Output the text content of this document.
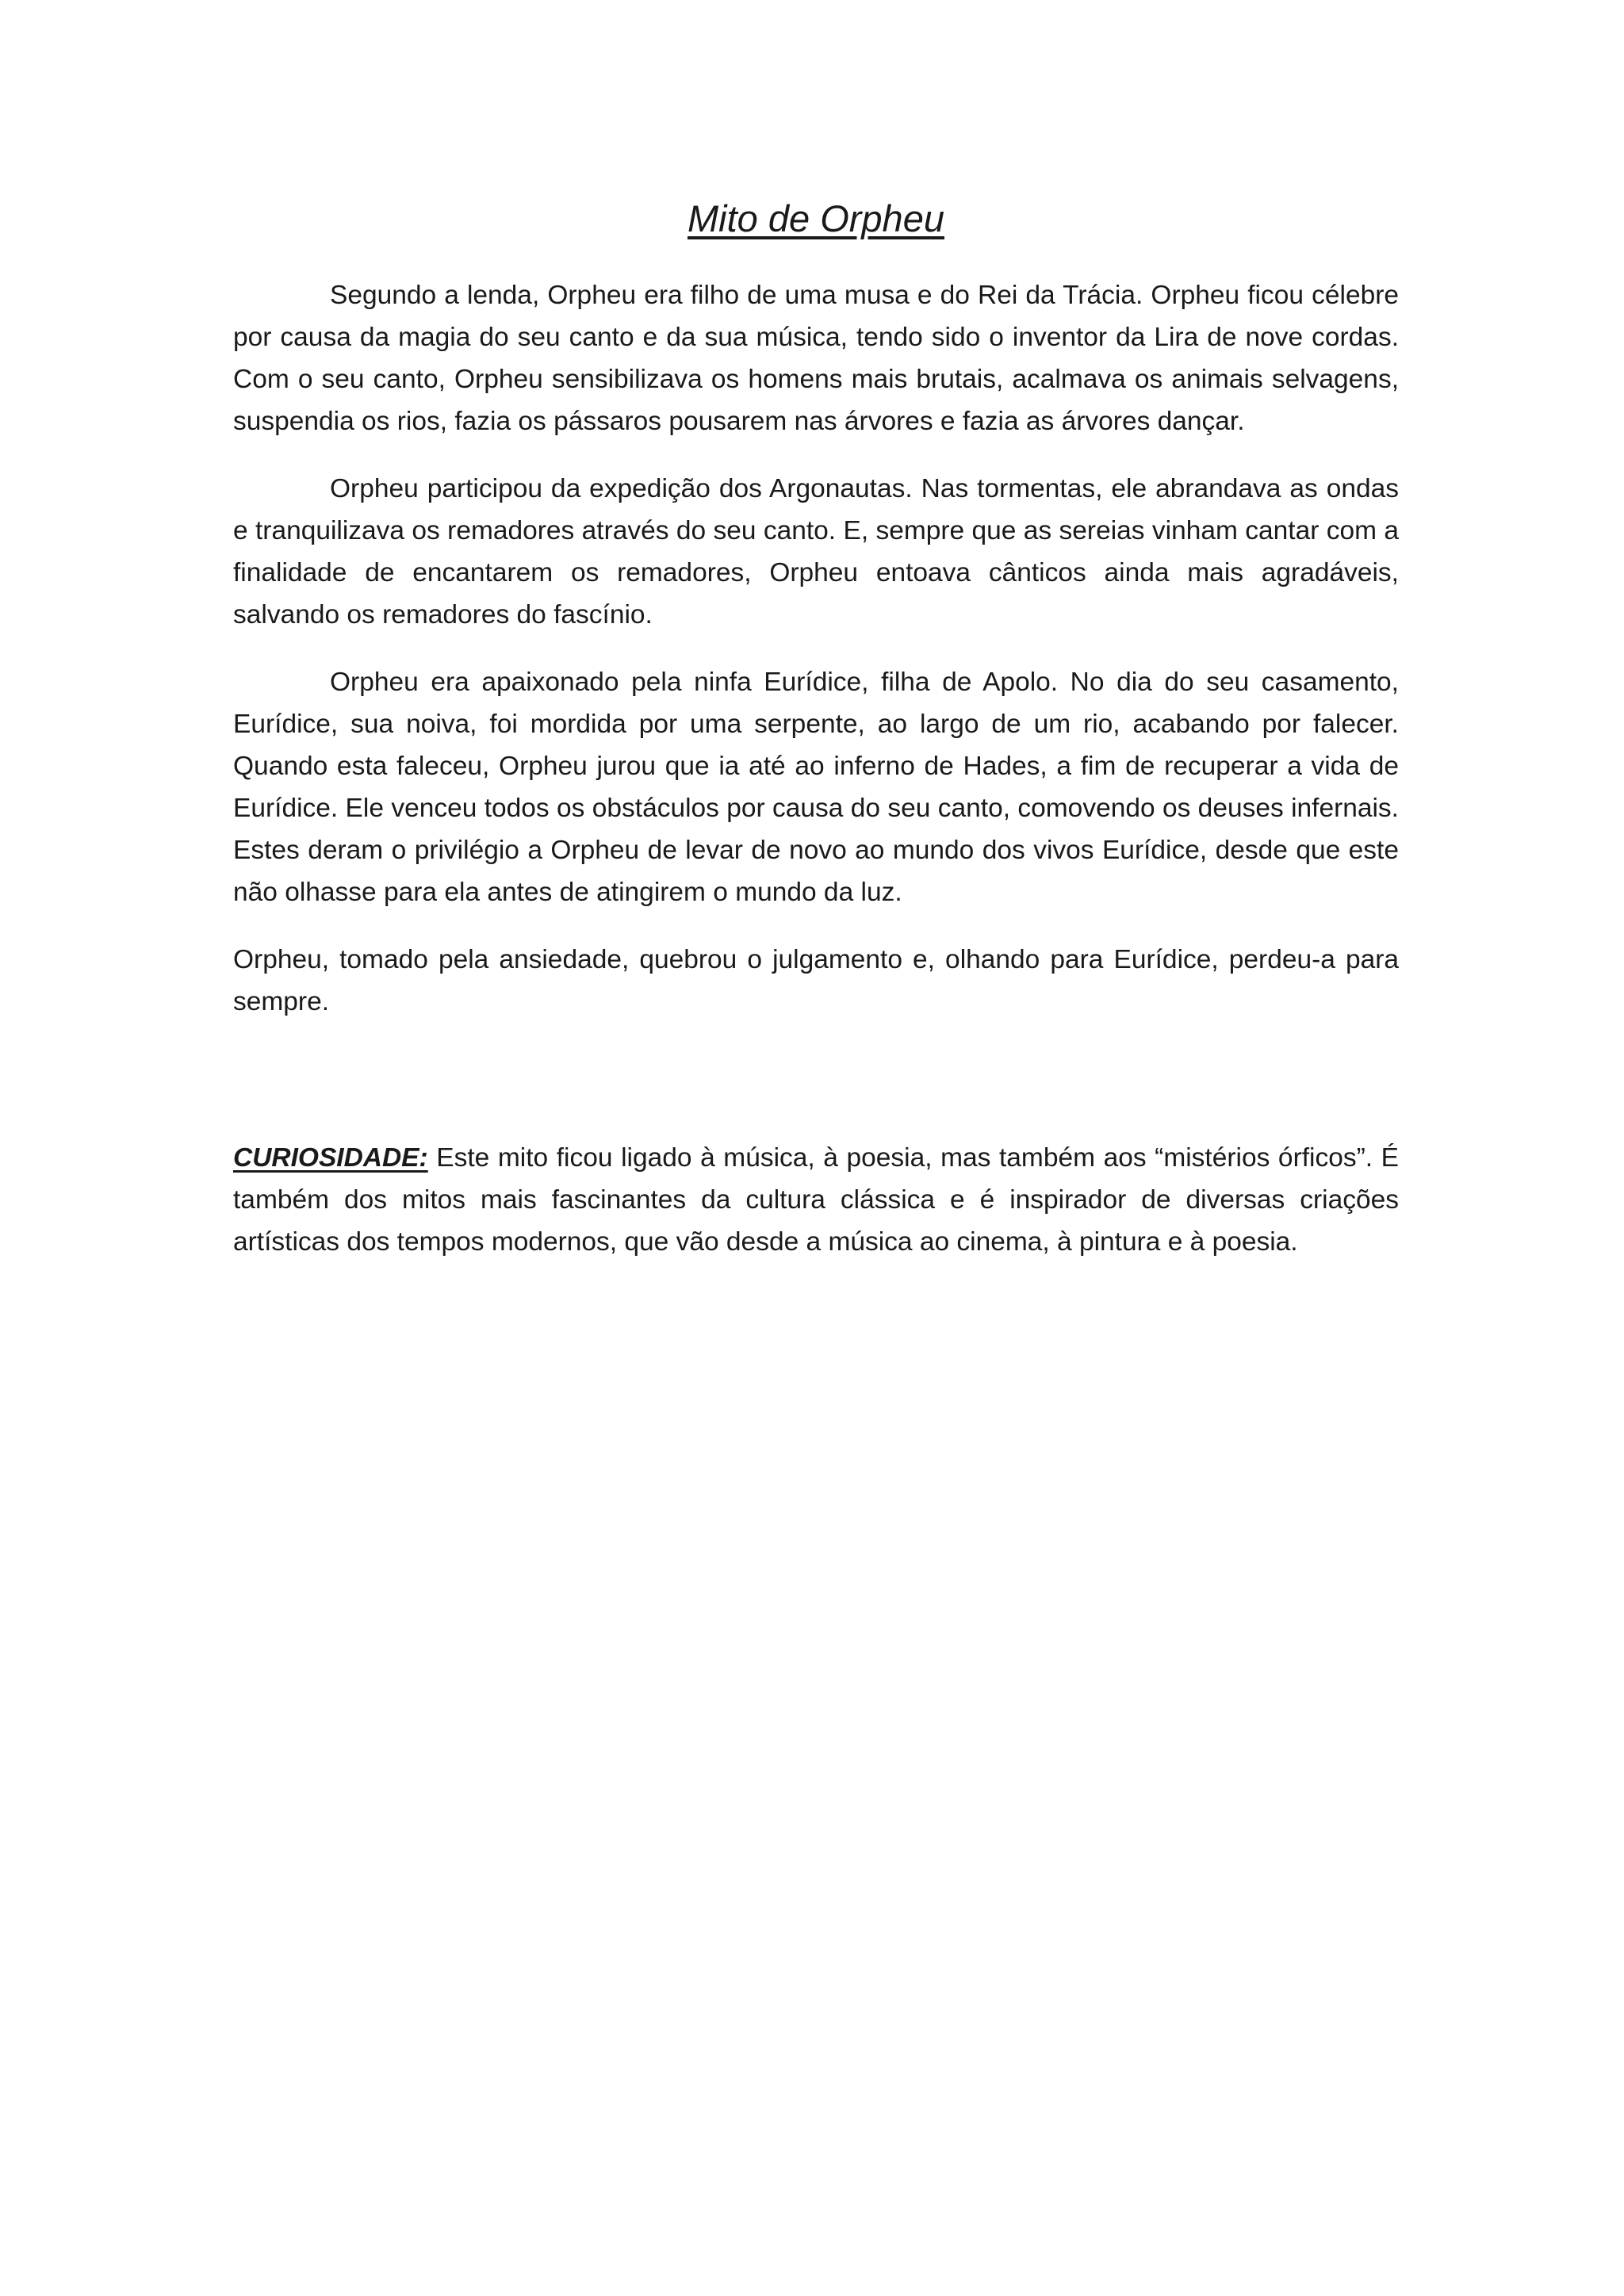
Mito de Orpheu

Segundo a lenda, Orpheu era filho de uma musa e do Rei da Trácia. Orpheu ficou célebre por causa da magia do seu canto e da sua música, tendo sido o inventor da Lira de nove cordas. Com o seu canto, Orpheu sensibilizava os homens mais brutais, acalmava os animais selvagens, suspendia os rios, fazia os pássaros pousarem nas árvores e fazia as árvores dançar.

Orpheu participou da expedição dos Argonautas. Nas tormentas, ele abrandava as ondas e tranquilizava os remadores através do seu canto. E, sempre que as sereias vinham cantar com a finalidade de encantarem os remadores, Orpheu entoava cânticos ainda mais agradáveis, salvando os remadores do fascínio.

Orpheu era apaixonado pela ninfa Eurídice, filha de Apolo. No dia do seu casamento, Eurídice, sua noiva, foi mordida por uma serpente, ao largo de um rio, acabando por falecer. Quando esta faleceu, Orpheu jurou que ia até ao inferno de Hades, a fim de recuperar a vida de Eurídice. Ele venceu todos os obstáculos por causa do seu canto, comovendo os deuses infernais. Estes deram o privilégio a Orpheu de levar de novo ao mundo dos vivos Eurídice, desde que este não olhasse para ela antes de atingirem o mundo da luz.

Orpheu, tomado pela ansiedade, quebrou o julgamento e, olhando para Eurídice, perdeu-a para sempre.

CURIOSIDADE: Este mito ficou ligado à música, à poesia, mas também aos “mistérios órficos”. É também dos mitos mais fascinantes da cultura clássica e é inspirador de diversas criações artísticas dos tempos modernos, que vão desde a música ao cinema, à pintura e à poesia.
